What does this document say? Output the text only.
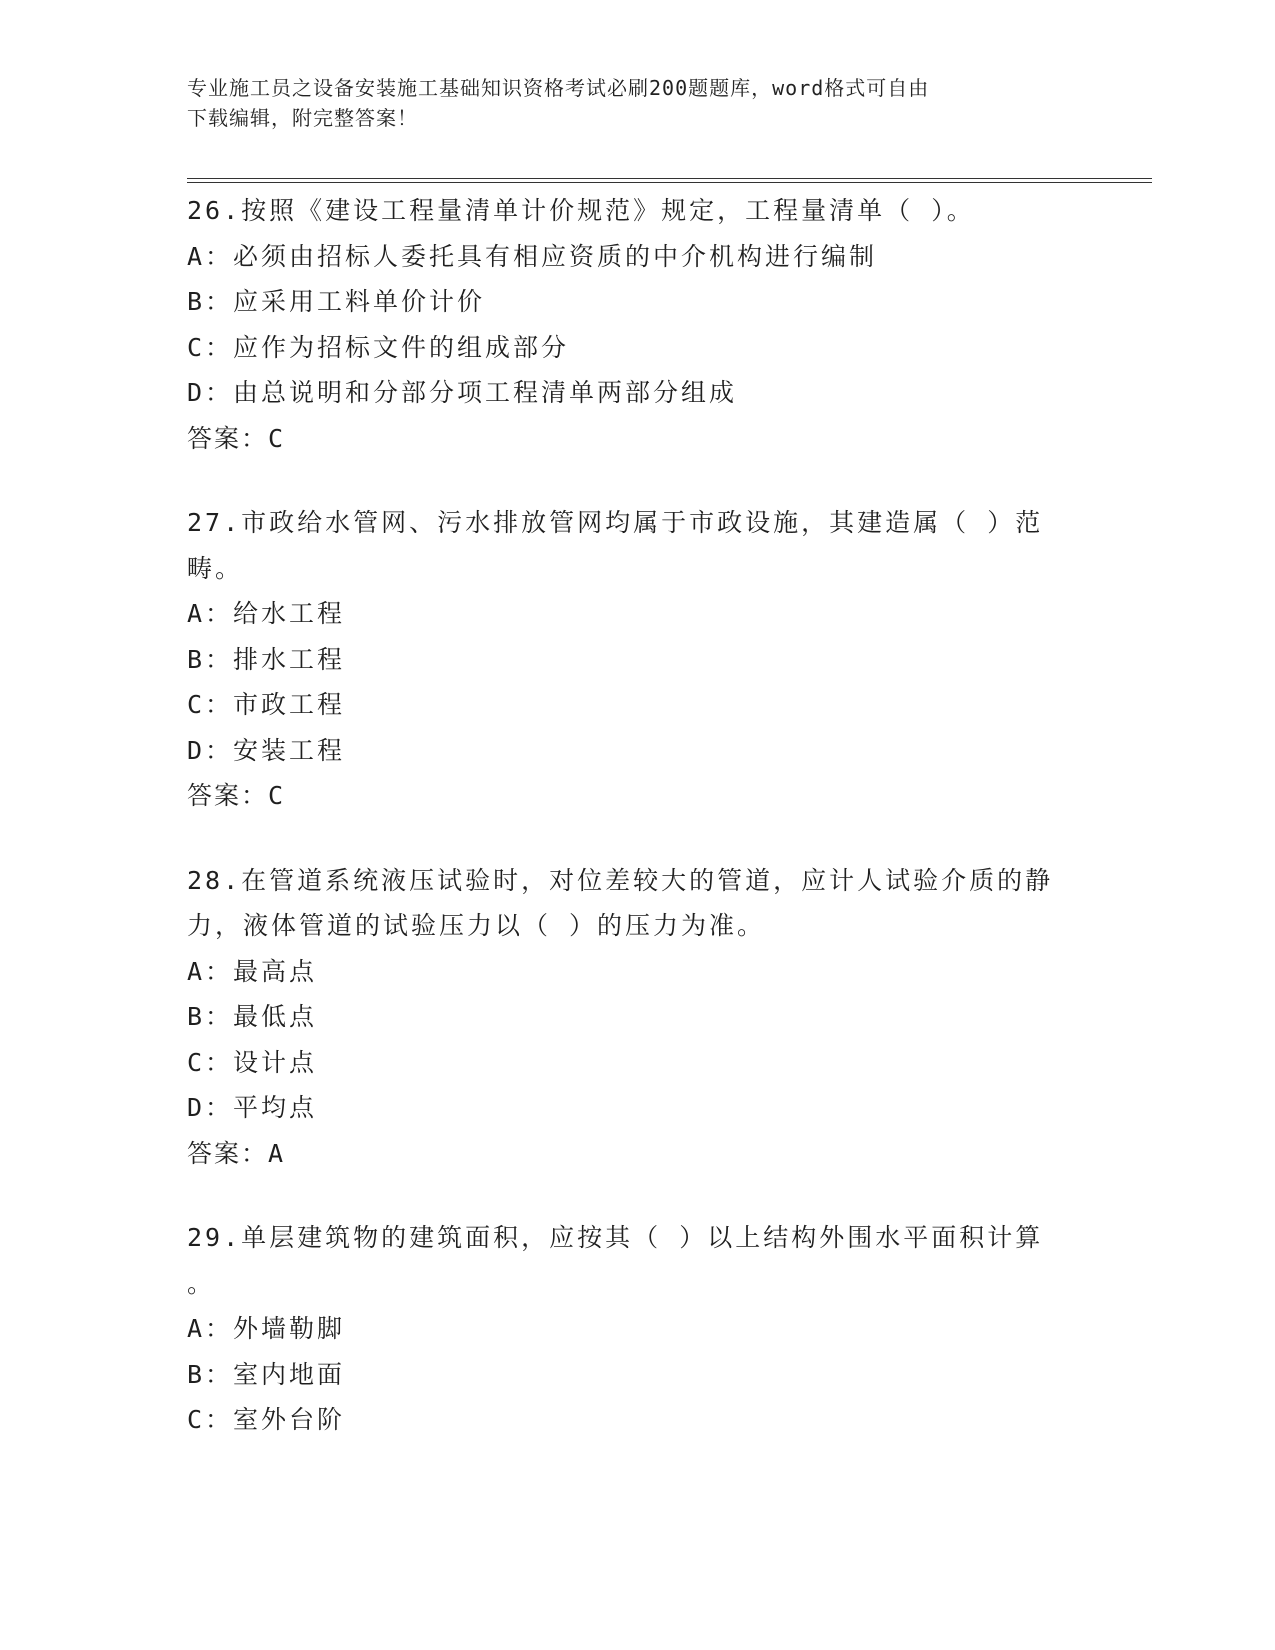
专业施工员之设备安装施工基础知识资格考试必刷200题题库，word格式可自由

下载编辑，附完整答案！

26.按照《建设工程量清单计价规范》规定，工程量清单（ ）。

A：必须由招标人委托具有相应资质的中介机构进行编制

B：应采用工料单价计价

C：应作为招标文件的组成部分

D：由总说明和分部分项工程清单两部分组成

答案：C

27.市政给水管网、污水排放管网均属于市政设施，其建造属（ ）范

畴。

A：给水工程

B：排水工程

C：市政工程

D：安装工程

答案：C

28.在管道系统液压试验时，对位差较大的管道，应计人试验介质的静

力，液体管道的试验压力以（ ）的压力为准。

A：最高点

B：最低点

C：设计点

D：平均点

答案：A

29.单层建筑物的建筑面积，应按其（ ）以上结构外围水平面积计算

。

A：外墙勒脚

B：室内地面

C：室外台阶
